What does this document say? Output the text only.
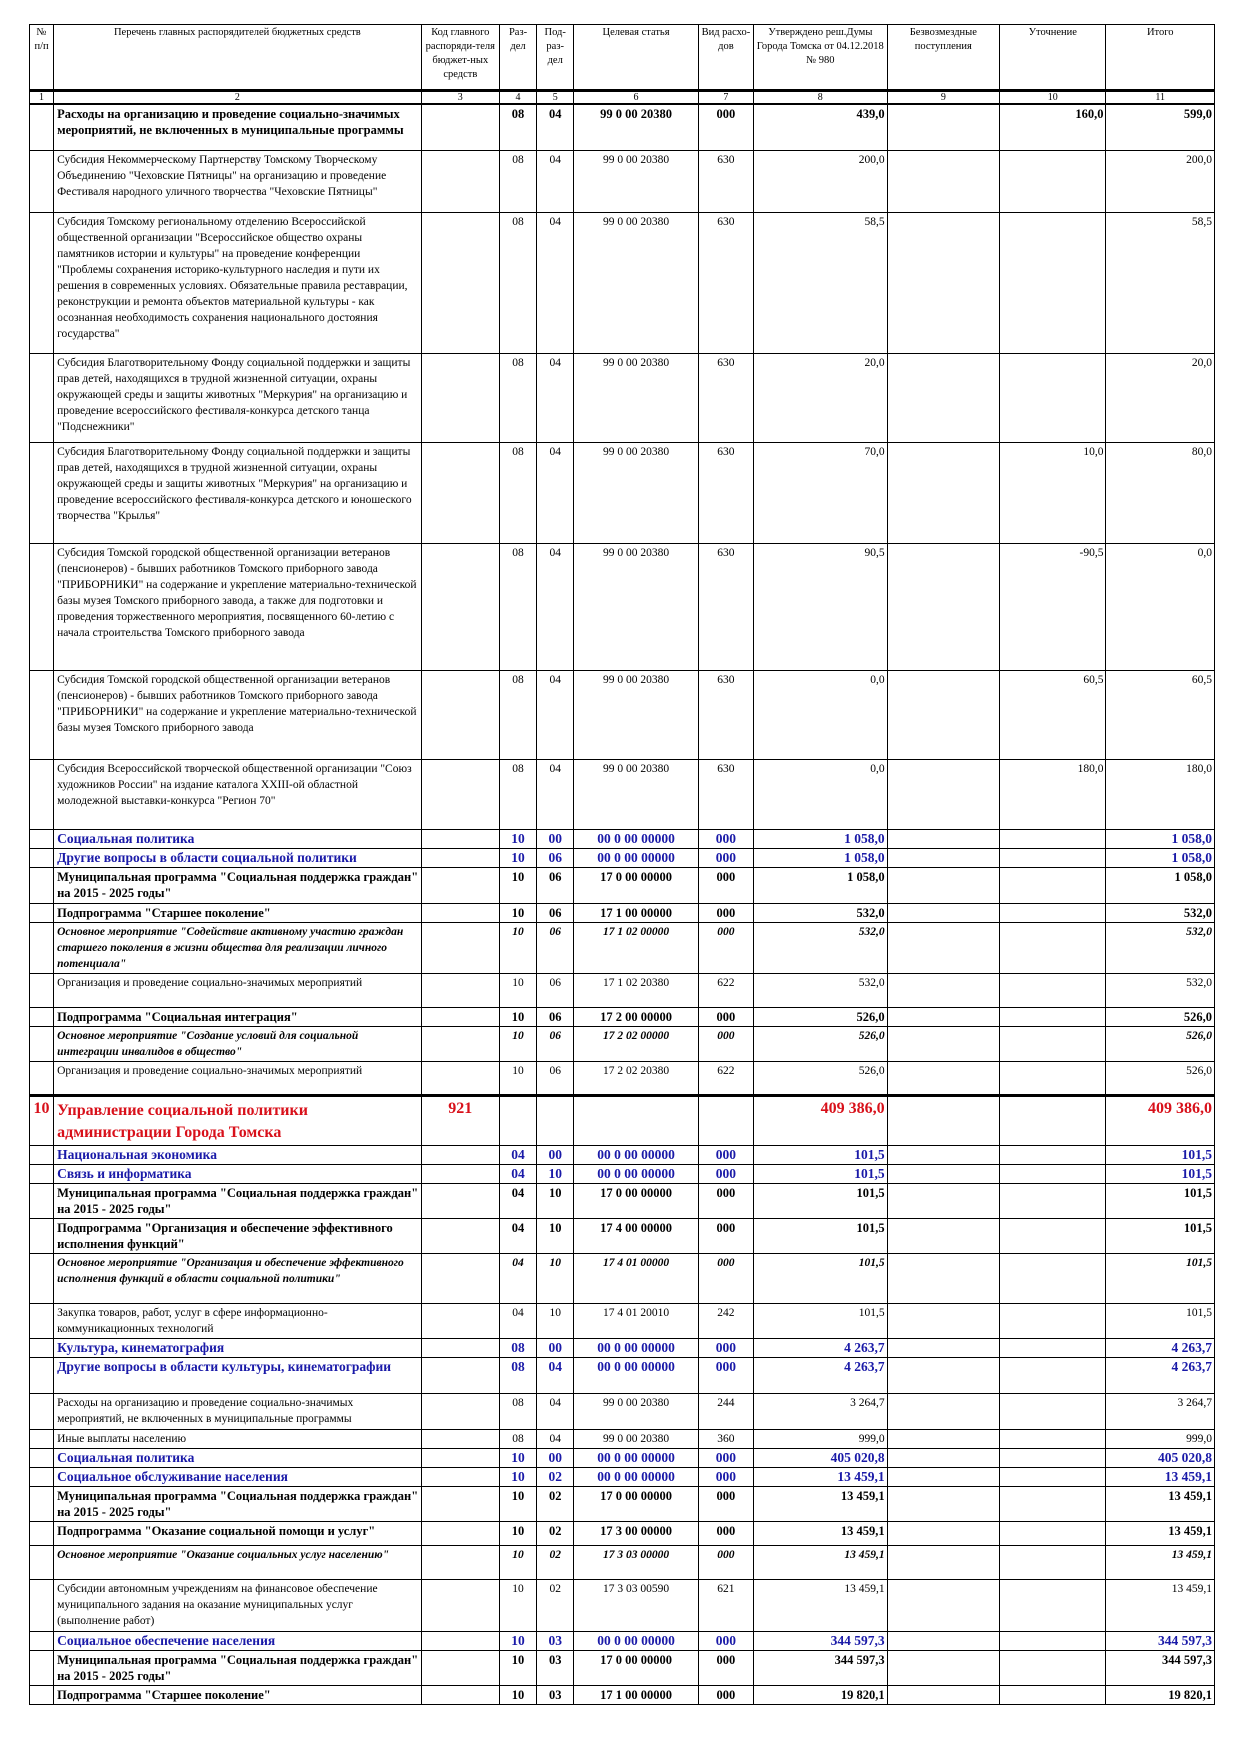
№ п/п	Перечень главных распорядителей бюджетных средств	Код главного распоряди-теля бюджет-ных средств	Раз-дел	Под-раз-дел	Целевая статья	Вид расхо-дов	Утверждено реш.Думы Города Томска от 04.12.2018 № 980	Безвозмездные поступления	Уточнение	Итого
1	2	3	4	5	6	7	8	9	10	11
	Расходы на организацию и проведение социально-значимых мероприятий, не включенных в муниципальные программы		08	04	99 0 00 20380	000	439,0		160,0	599,0
	Субсидия Некоммерческому Партнерству Томскому Творческому Объединению "Чеховские Пятницы" на организацию и проведение Фестиваля народного уличного творчества "Чеховские Пятницы"		08	04	99 0 00 20380	630	200,0			200,0
	Субсидия Томскому региональному отделению Всероссийской общественной организации "Всероссийское общество охраны памятников истории и культуры" на проведение конференции "Проблемы сохранения историко-культурного наследия и пути их решения в современных условиях. Обязательные правила реставрации, реконструкции и ремонта объектов материальной культуры - как осознанная необходимость сохранения национального достояния государства"		08	04	99 0 00 20380	630	58,5			58,5
	Субсидия Благотворительному Фонду социальной поддержки и защиты прав детей, находящихся в трудной жизненной ситуации, охраны окружающей среды и защиты животных "Меркурия" на организацию и проведение всероссийского фестиваля-конкурса детского танца "Подснежники"		08	04	99 0 00 20380	630	20,0			20,0
	Субсидия Благотворительному Фонду социальной поддержки и защиты прав детей, находящихся в трудной жизненной ситуации, охраны окружающей среды и защиты животных "Меркурия" на организацию и проведение всероссийского фестиваля-конкурса детского и юношеского творчества "Крылья"		08	04	99 0 00 20380	630	70,0		10,0	80,0
	Субсидия Томской городской общественной организации ветеранов (пенсионеров) - бывших работников Томского приборного завода "ПРИБОРНИКИ" на содержание и укрепление материально-технической базы музея Томского приборного завода, а также для подготовки и проведения торжественного мероприятия, посвященного 60-летию с начала строительства Томского приборного завода		08	04	99 0 00 20380	630	90,5		-90,5	0,0
	Субсидия Томской городской общественной организации ветеранов (пенсионеров) - бывших работников Томского приборного завода "ПРИБОРНИКИ" на содержание и укрепление материально-технической базы музея Томского приборного завода		08	04	99 0 00 20380	630	0,0		60,5	60,5
	Субсидия Всероссийской творческой общественной организации "Союз художников России" на издание каталога XXIII-ой областной молодежной выставки-конкурса "Регион 70"		08	04	99 0 00 20380	630	0,0		180,0	180,0
	Социальная политика		10	00	00 0 00 00000	000	1 058,0			1 058,0
	Другие вопросы в области социальной политики		10	06	00 0 00 00000	000	1 058,0			1 058,0
	Муниципальная программа "Социальная поддержка граждан" на 2015 - 2025 годы"		10	06	17 0 00 00000	000	1 058,0			1 058,0
	Подпрограмма "Старшее поколение"		10	06	17 1 00 00000	000	532,0			532,0
	Основное мероприятие "Содействие активному участию граждан старшего поколения в жизни общества для реализации личного потенциала"		10	06	17 1 02 00000	000	532,0			532,0
	Организация и проведение социально-значимых мероприятий		10	06	17 1 02 20380	622	532,0			532,0
	Подпрограмма "Социальная интеграция"		10	06	17 2 00 00000	000	526,0			526,0
	Основное мероприятие "Создание условий для социальной интеграции инвалидов в общество"		10	06	17 2 02 00000	000	526,0			526,0
	Организация и проведение социально-значимых мероприятий		10	06	17 2 02 20380	622	526,0			526,0
10	Управление социальной политики администрации Города Томска	921					409 386,0			409 386,0
	Национальная экономика		04	00	00 0 00 00000	000	101,5			101,5
	Связь и информатика		04	10	00 0 00 00000	000	101,5			101,5
	Муниципальная программа "Социальная поддержка граждан" на 2015 - 2025 годы"		04	10	17 0 00 00000	000	101,5			101,5
	Подпрограмма "Организация и обеспечение эффективного исполнения функций"		04	10	17 4 00 00000	000	101,5			101,5
	Основное мероприятие "Организация и обеспечение эффективного исполнения функций в области социальной политики"		04	10	17 4 01 00000	000	101,5			101,5
	Закупка товаров, работ, услуг в сфере информационно-коммуникационных технологий		04	10	17 4 01 20010	242	101,5			101,5
	Культура, кинематография		08	00	00 0 00 00000	000	4 263,7			4 263,7
	Другие вопросы в области культуры, кинематографии		08	04	00 0 00 00000	000	4 263,7			4 263,7
	Расходы на организацию и проведение социально-значимых мероприятий, не включенных в муниципальные программы		08	04	99 0 00 20380	244	3 264,7			3 264,7
	Иные выплаты населению		08	04	99 0 00 20380	360	999,0			999,0
	Социальная политика		10	00	00 0 00 00000	000	405 020,8			405 020,8
	Социальное обслуживание населения		10	02	00 0 00 00000	000	13 459,1			13 459,1
	Муниципальная программа "Социальная поддержка граждан" на 2015 - 2025 годы"		10	02	17 0 00 00000	000	13 459,1			13 459,1
	Подпрограмма "Оказание социальной помощи и услуг"		10	02	17 3 00 00000	000	13 459,1			13 459,1
	Основное мероприятие "Оказание социальных услуг населению"		10	02	17 3 03 00000	000	13 459,1			13 459,1
	Субсидии автономным учреждениям на финансовое обеспечение муниципального задания на оказание муниципальных услуг (выполнение работ)		10	02	17 3 03 00590	621	13 459,1			13 459,1
	Социальное обеспечение населения		10	03	00 0 00 00000	000	344 597,3			344 597,3
	Муниципальная программа "Социальная поддержка граждан" на 2015 - 2025 годы"		10	03	17 0 00 00000	000	344 597,3			344 597,3
	Подпрограмма "Старшее поколение"		10	03	17 1 00 00000	000	19 820,1			19 820,1
